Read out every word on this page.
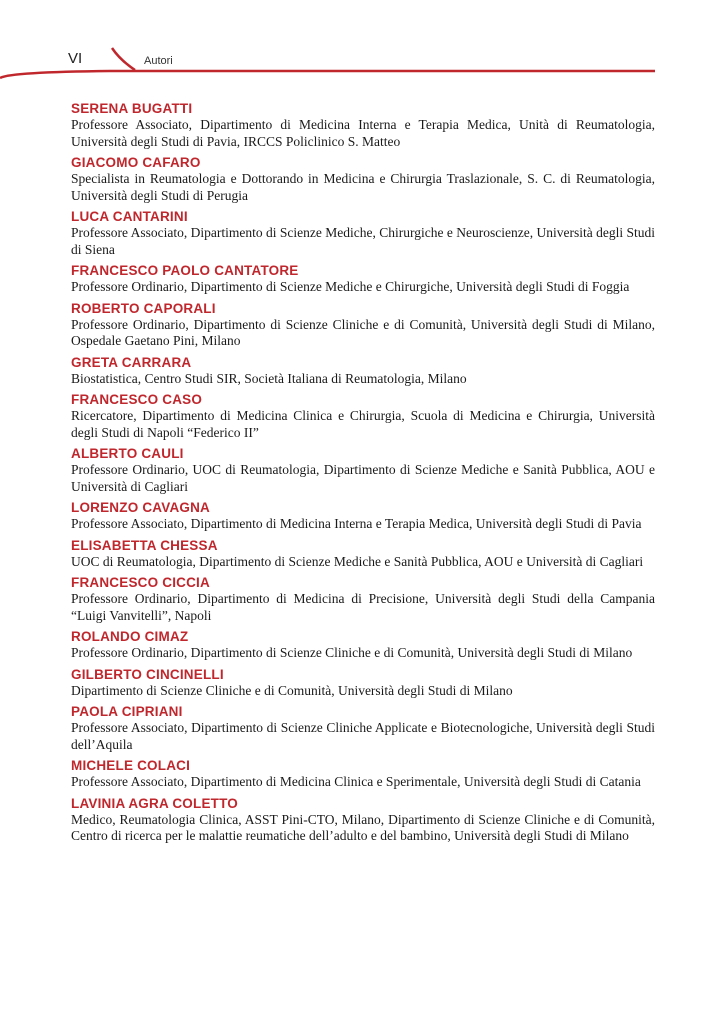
VI	Autori
SERENA BUGATTI
Professore Associato, Dipartimento di Medicina Interna e Terapia Medica, Unità di Reumatologia, Università degli Studi di Pavia, IRCCS Policlinico S. Matteo
GIACOMO CAFARO
Specialista in Reumatologia e Dottorando in Medicina e Chirurgia Traslazionale, S. C. di Reumatologia, Università degli Studi di Perugia
LUCA CANTARINI
Professore Associato, Dipartimento di Scienze Mediche, Chirurgiche e Neuroscienze, Università degli Studi di Siena
FRANCESCO PAOLO CANTATORE
Professore Ordinario, Dipartimento di Scienze Mediche e Chirurgiche, Università degli Studi di Foggia
ROBERTO CAPORALI
Professore Ordinario, Dipartimento di Scienze Cliniche e di Comunità, Università degli Studi di Milano, Ospedale Gaetano Pini, Milano
GRETA CARRARA
Biostatistica, Centro Studi SIR, Società Italiana di Reumatologia, Milano
FRANCESCO CASO
Ricercatore, Dipartimento di Medicina Clinica e Chirurgia, Scuola di Medicina e Chirurgia, Università degli Studi di Napoli “Federico II”
ALBERTO CAULI
Professore Ordinario, UOC di Reumatologia, Dipartimento di Scienze Mediche e Sanità Pubblica, AOU e Università di Cagliari
LORENZO CAVAGNA
Professore Associato, Dipartimento di Medicina Interna e Terapia Medica, Università degli Studi di Pavia
ELISABETTA CHESSA
UOC di Reumatologia, Dipartimento di Scienze Mediche e Sanità Pubblica, AOU e Università di Cagliari
FRANCESCO CICCIA
Professore Ordinario, Dipartimento di Medicina di Precisione, Università degli Studi della Campania “Luigi Vanvitelli”, Napoli
ROLANDO CIMAZ
Professore Ordinario, Dipartimento di Scienze Cliniche e di Comunità, Università degli Studi di Milano
GILBERTO CINCINELLI
Dipartimento di Scienze Cliniche e di Comunità, Università degli Studi di Milano
PAOLA CIPRIANI
Professore Associato, Dipartimento di Scienze Cliniche Applicate e Biotecnologiche, Università degli Studi dell’Aquila
MICHELE COLACI
Professore Associato, Dipartimento di Medicina Clinica e Sperimentale, Università degli Studi di Catania
LAVINIA AGRA COLETTO
Medico, Reumatologia Clinica, ASST Pini-CTO, Milano, Dipartimento di Scienze Cliniche e di Comunità, Centro di ricerca per le malattie reumatiche dell’adulto e del bambino, Università degli Studi di Milano
